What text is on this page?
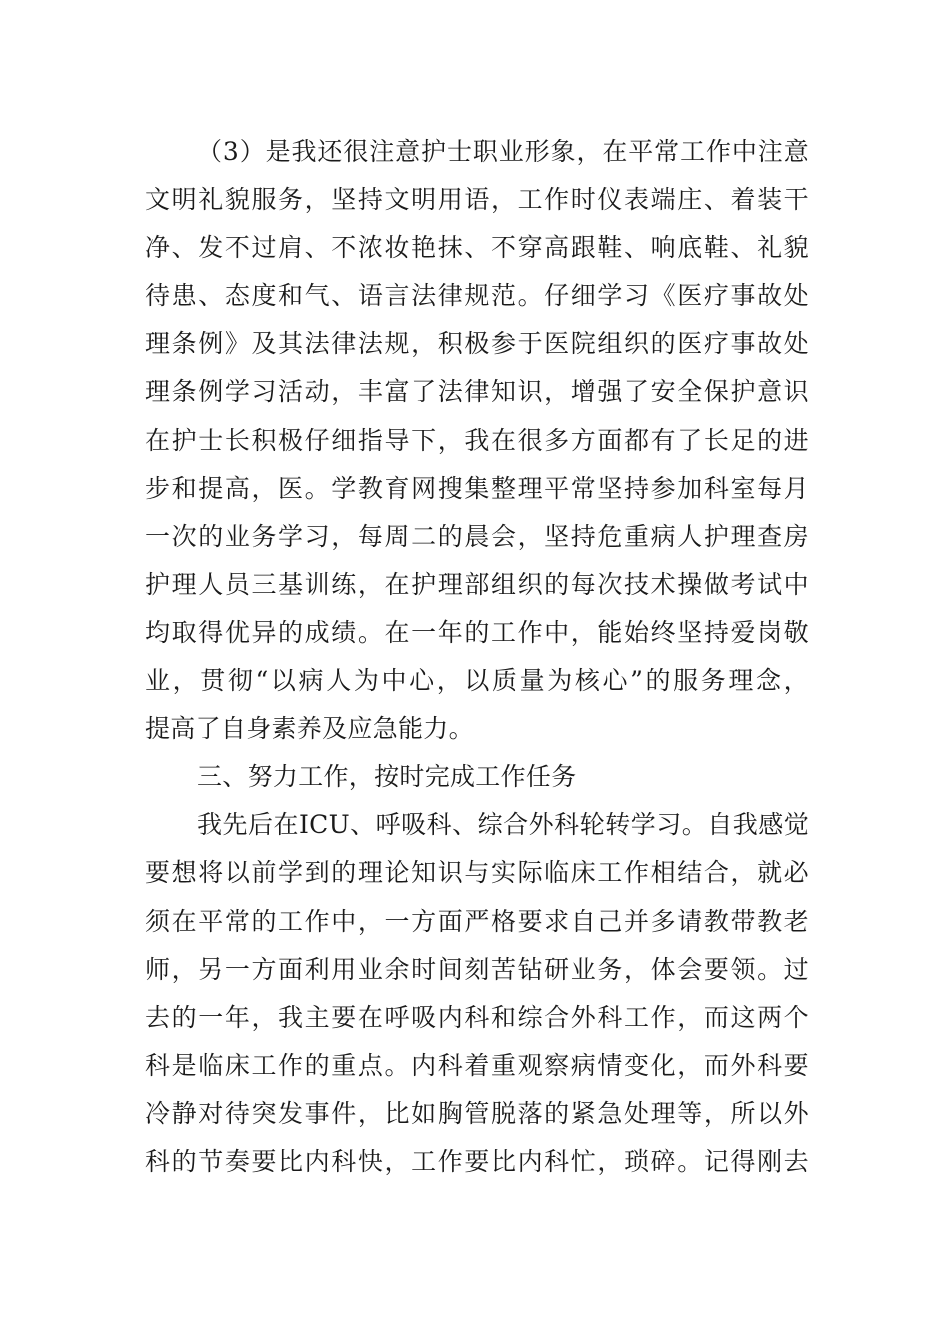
（3）是我还很注意护士职业形象，在平常工作中注意
文明礼貌服务，坚持文明用语，工作时仪表端庄、着装干
净、发不过肩、不浓妆艳抹、不穿高跟鞋、响底鞋、礼貌
待患、态度和气、语言法律规范。仔细学习《医疗事故处
理条例》及其法律法规，积极参于医院组织的医疗事故处
理条例学习活动，丰富了法律知识，增强了安全保护意识
在护士长积极仔细指导下，我在很多方面都有了长足的进
步和提高，医。学教育网搜集整理平常坚持参加科室每月
一次的业务学习，每周二的晨会，坚持危重病人护理查房
护理人员三基训练，在护理部组织的每次技术操做考试中
均取得优异的成绩。在一年的工作中，能始终坚持爱岗敬
业，贯彻“以病人为中心，以质量为核心”的服务理念，
提高了自身素养及应急能力。
三、努力工作，按时完成工作任务
我先后在ICU、呼吸科、综合外科轮转学习。自我感觉
要想将以前学到的理论知识与实际临床工作相结合，就必
须在平常的工作中，一方面严格要求自己并多请教带教老
师，另一方面利用业余时间刻苦钻研业务，体会要领。过
去的一年，我主要在呼吸内科和综合外科工作，而这两个
科是临床工作的重点。内科着重观察病情变化，而外科要
冷静对待突发事件，比如胸管脱落的紧急处理等，所以外
科的节奏要比内科快，工作要比内科忙，琐碎。记得刚去
